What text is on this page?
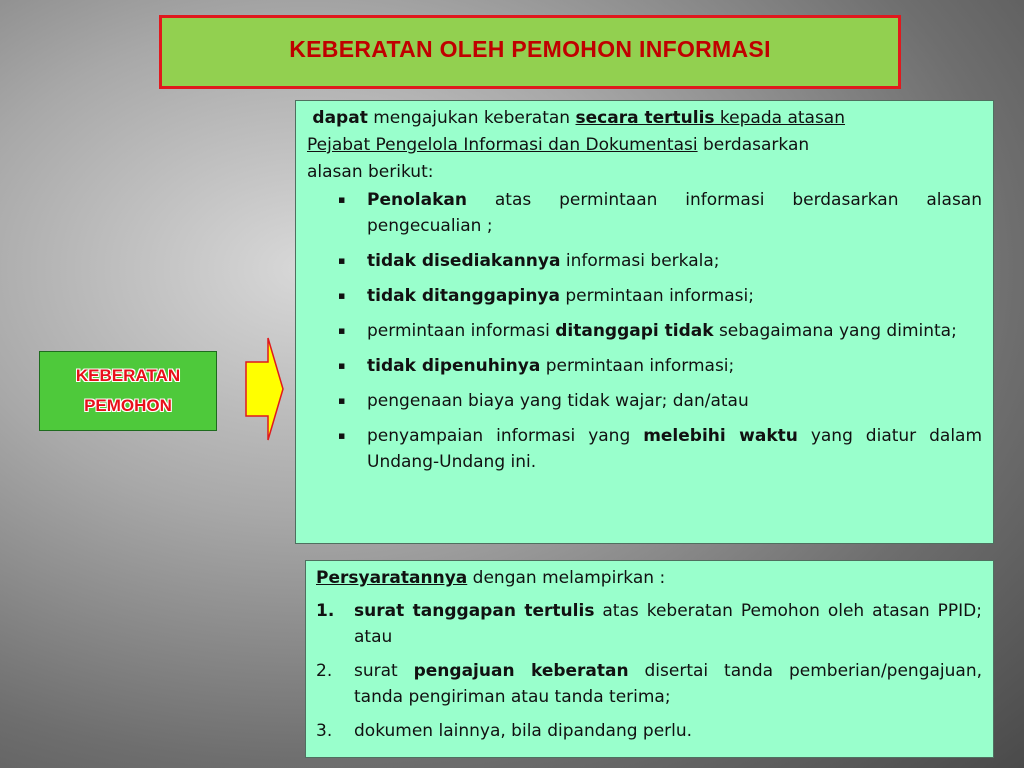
KEBERATAN OLEH PEMOHON INFORMASI
KEBERATAN
PEMOHON

dapat mengajukan keberatan secara tertulis kepada atasan
Pejabat Pengelola Informasi dan Dokumentasi berdasarkan
alasan berikut:

▪ Penolakan atas permintaan informasi berdasarkan alasan pengecualian ;
▪ tidak disediakannya informasi berkala;
▪ tidak ditanggapinya permintaan informasi;
▪ permintaan informasi ditanggapi tidak sebagaimana yang diminta;
▪ tidak dipenuhinya permintaan informasi;
▪ pengenaan biaya yang tidak wajar; dan/atau
▪ penyampaian informasi yang melebihi waktu yang diatur dalam Undang-Undang ini.

Persyaratannya dengan melampirkan :

1. surat tanggapan tertulis atas keberatan Pemohon oleh atasan PPID; atau
2. surat pengajuan keberatan disertai tanda pemberian/pengajuan, tanda pengiriman atau tanda terima;
3. dokumen lainnya, bila dipandang perlu.
